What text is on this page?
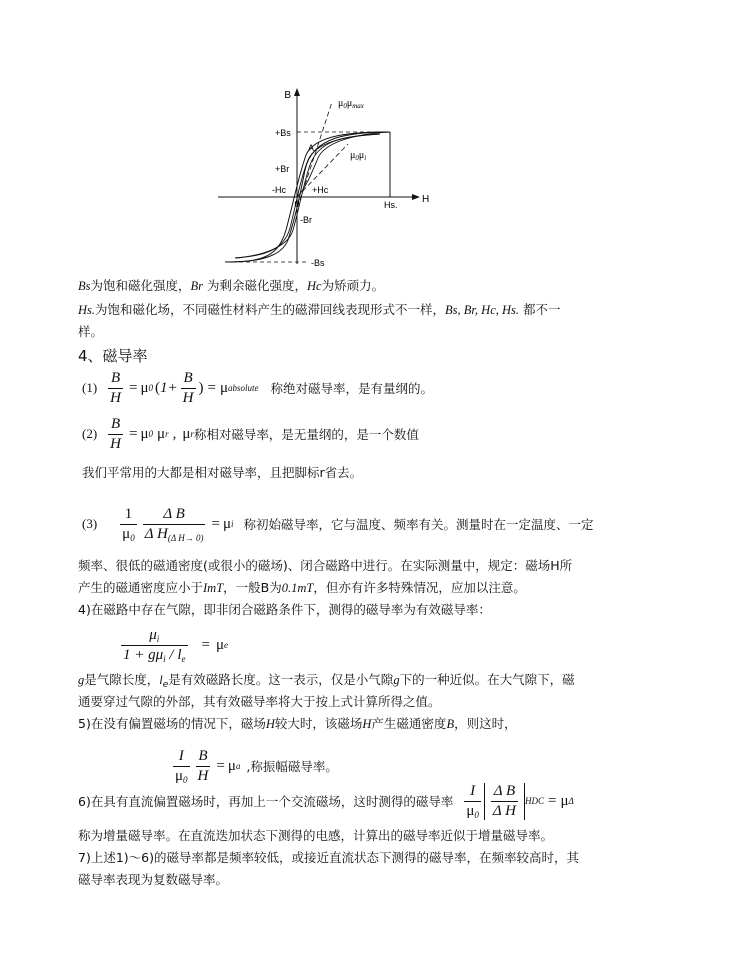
B
H
$\mu_0\mu_{max}$
$\mu_0\mu_i$
+Bs
A
+Br
-Hc	+Hc
0
-Br
-Bs
Hs.
Bs为饱和磁化强度，Br 为剩余磁化强度，Hc为矫顽力。
Hs.为饱和磁化场，不同磁性材料产生的磁滞回线表现形式不一样，Bs, Br, Hc, Hs. 都不一
样。
4、磁导率
$(1) \frac{B}{H} = \mu$ 0 ( $1+ \frac{B}{H}$ ) = μ absolute 称绝对磁导率，是有量纲的。
$(2) \frac{B}{H} = \mu$ 0 μ r , μ r 称相对磁导率，是无量纲的，是一个数值
我们平常用的大都是相对磁导率，且把脚标r省去。
$(3) \frac{1}{\mu_0} \frac{\text{Δ B}}{\Delta H_{(\Delta H\to 0)}} = \mu$ i 称初始磁导率，它与温度、频率有关。测量时在一定温度、一定
频率、很低的磁通密度(或很小的磁场)、闭合磁路中进行。在实际测量中，规定：磁场H所
产生的磁通密度应小于ImT，一般B为0.1mT，但亦有许多特殊情况，应加以注意。
4)在磁路中存在气隙，即非闭合磁路条件下，测得的磁导率为有效磁导率：
$\frac{\mu_i}{1 + g\mu_i / l_e} = \mu$ e
g是气隙长度，$l_e$是有效磁路长度。这一表示，仅是小气隙g下的一种近似。在大气隙下，磁
通要穿过气隙的外部，其有效磁导率将大于按上式计算所得之值。
5)在没有偏置磁场的情况下，磁场H较大时，该磁场H产生磁通密度B，则这时，
$\frac{I}{\mu_0} \frac{B}{H} = \mu$ a ,称振幅磁导率。
6)在具有直流偏置磁场时，再加上一个交流磁场，这时测得的磁导率 $\frac{I}{\mu_0} \frac{\text{Δ B}}{\text{Δ H}}$ HDC = μ Δ
称为增量磁导率。在直流迭加状态下测得的电感，计算出的磁导率近似于增量磁导率。
7)上述1)～6)的磁导率都是频率较低，或接近直流状态下测得的磁导率，在频率较高时，其
磁导率表现为复数磁导率。
